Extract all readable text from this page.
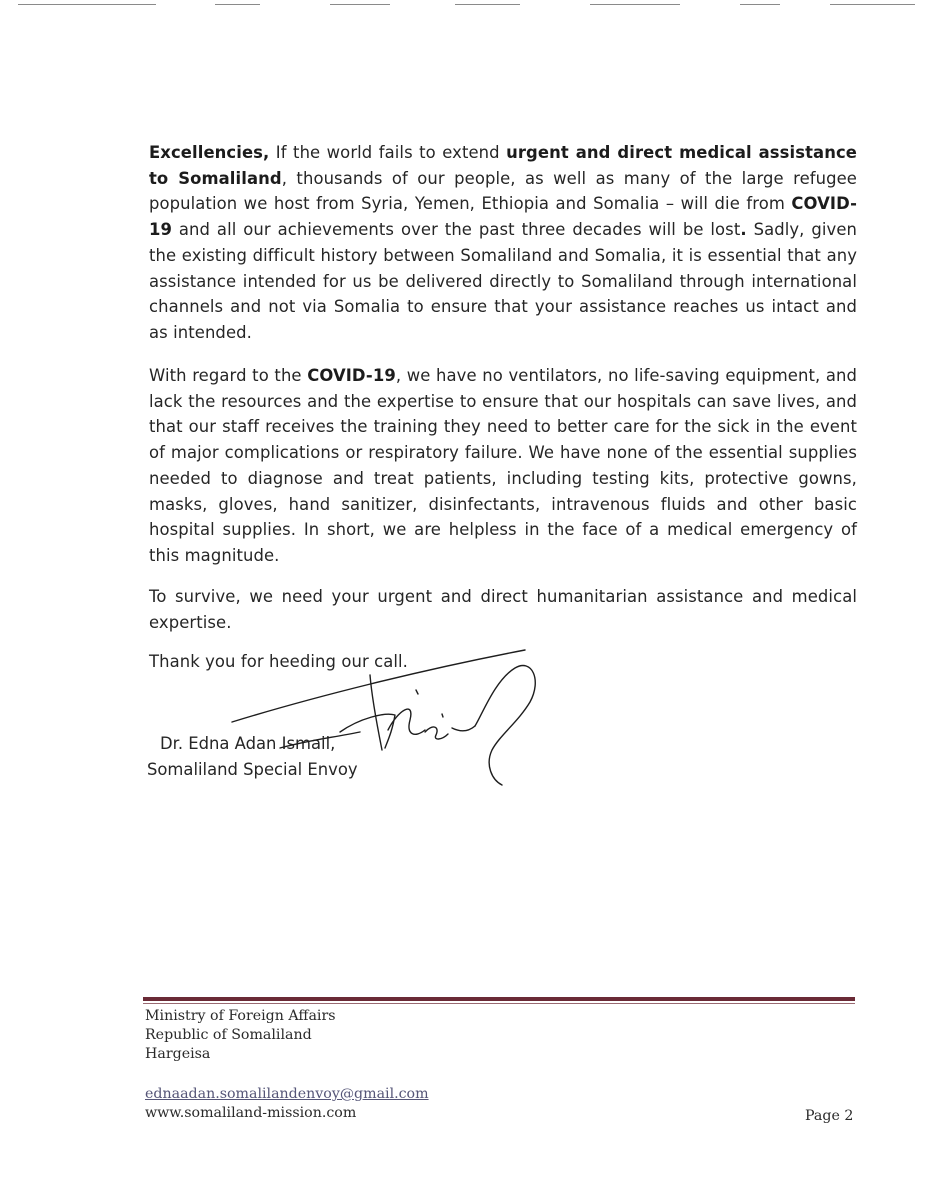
Excellencies, If the world fails to extend urgent and direct medical assistance to Somaliland, thousands of our people, as well as many of the large refugee population we host from Syria, Yemen, Ethiopia and Somalia – will die from COVID-19 and all our achievements over the past three decades will be lost. Sadly, given the existing difficult history between Somaliland and Somalia, it is essential that any assistance intended for us be delivered directly to Somaliland through international channels and not via Somalia to ensure that your assistance reaches us intact and as intended.

With regard to the COVID-19, we have no ventilators, no life-saving equipment, and lack the resources and the expertise to ensure that our hospitals can save lives, and that our staff receives the training they need to better care for the sick in the event of major complications or respiratory failure. We have none of the essential supplies needed to diagnose and treat patients, including testing kits, protective gowns, masks, gloves, hand sanitizer, disinfectants, intravenous fluids and other basic hospital supplies. In short, we are helpless in the face of a medical emergency of this magnitude.

To survive, we need your urgent and direct humanitarian assistance and medical expertise.

Thank you for heeding our call.

Dr. Edna Adan Ismail,

Somaliland Special Envoy

Ministry of Foreign Affairs
Republic of Somaliland
Hargeisa
ednaadan.somalilandenvoy@gmail.com
www.somaliland-mission.com	Page 2
